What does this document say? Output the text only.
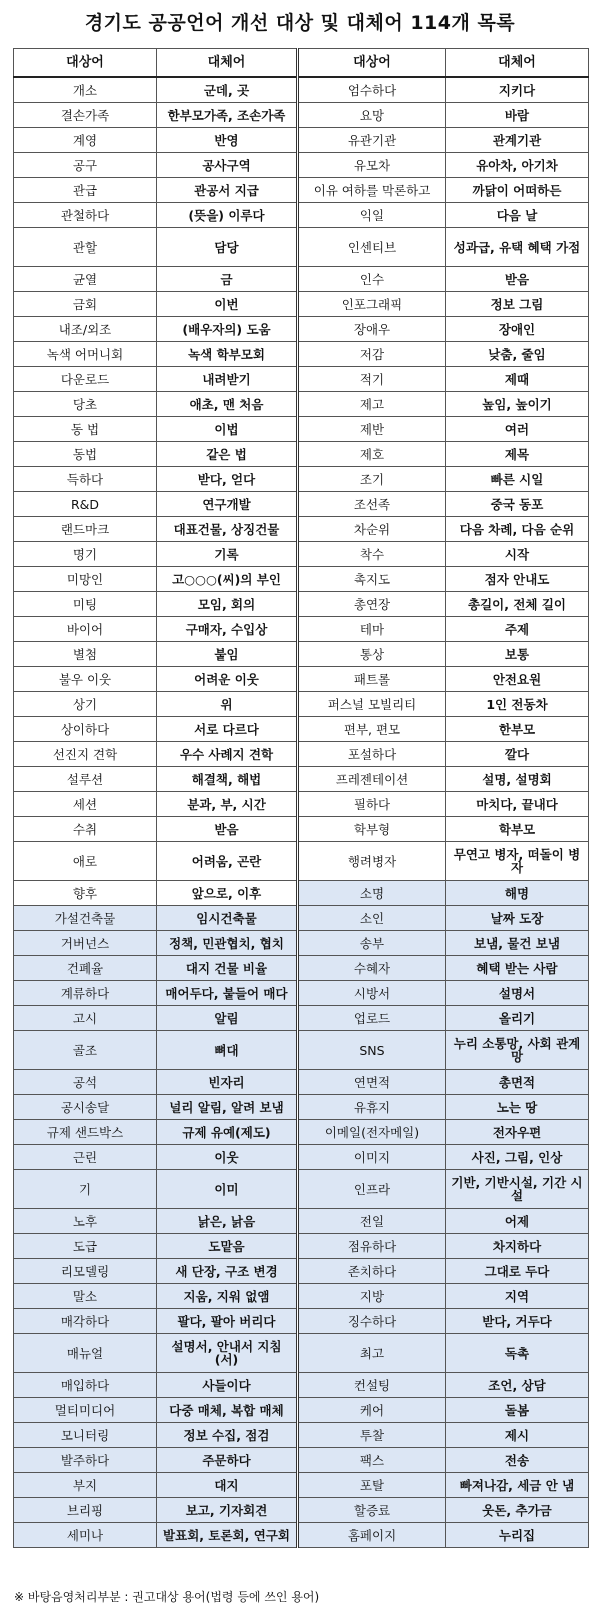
경기도 공공언어 개선 대상 및 대체어 114개 목록
대상어	대체어	대상어	대체어
개소	군데, 곳	엄수하다	지키다
결손가족	한부모가족, 조손가족	요망	바람
계영	반영	유관기관	관계기관
공구	공사구역	유모차	유아차, 아기차
관급	관공서 지급	이유 여하를 막론하고	까닭이 어떠하든
관철하다	(뜻을) 이루다	익일	다음 날
관할	담당	인센티브	성과급, 유택 혜택 가점
균열	금	인수	받음
금회	이번	인포그래픽	정보 그림
내조/외조	(배우자의) 도움	장애우	장애인
녹색 어머니회	녹색 학부모회	저감	낮춤, 줄임
다운로드	내려받기	적기	제때
당초	애초, 맨 처음	제고	높임, 높이기
동 법	이법	제반	여러
동법	같은 법	제호	제목
득하다	받다, 얻다	조기	빠른 시일
R&D	연구개발	조선족	중국 동포
랜드마크	대표건물, 상징건물	차순위	다음 차례, 다음 순위
명기	기록	착수	시작
미망인	고○○○(씨)의 부인	촉지도	점자 안내도
미팅	모임, 회의	총연장	총길이, 전체 길이
바이어	구매자, 수입상	테마	주제
별첨	붙임	통상	보통
불우 이웃	어려운 이웃	패트롤	안전요원
상기	위	퍼스널 모빌리티	1인 전동차
상이하다	서로 다르다	편부, 편모	한부모
선진지 견학	우수 사례지 견학	포설하다	깔다
설루션	해결책, 해법	프레젠테이션	설명, 설명회
세션	분과, 부, 시간	필하다	마치다, 끝내다
수취	받음	학부형	학부모
애로	어려움, 곤란	행려병자	무연고 병자, 떠돌이 병자
향후	앞으로, 이후	소명	해명
가설건축물	임시건축물	소인	날짜 도장
거버넌스	정책, 민관협치, 협치	송부	보냄, 물건 보냄
건폐율	대지 건물 비율	수혜자	혜택 받는 사람
계류하다	매어두다, 붙들어 매다	시방서	설명서
고시	알림	업로드	올리기
골조	뼈대	SNS	누리 소통망, 사회 관계망
공석	빈자리	연면적	총면적
공시송달	널리 알림, 알려 보냄	유휴지	노는 땅
규제 샌드박스	규제 유예(제도)	이메일(전자메일)	전자우편
근린	이웃	이미지	사진, 그림, 인상
기	이미	인프라	기반, 기반시설, 기간 시설
노후	낡은, 낡음	전일	어제
도급	도맡음	점유하다	차지하다
리모델링	새 단장, 구조 변경	존치하다	그대로 두다
말소	지움, 지워 없앰	지방	지역
매각하다	팔다, 팔아 버리다	징수하다	받다, 거두다
매뉴얼	설명서, 안내서 지침(서)	최고	독촉
매입하다	사들이다	컨설팅	조언, 상담
멀티미디어	다중 매체, 복합 매체	케어	돌봄
모니터링	정보 수집, 점검	투찰	제시
발주하다	주문하다	팩스	전송
부지	대지	포탈	빠져나감, 세금 안 냄
브리핑	보고, 기자회견	할증료	웃돈, 추가금
세미나	발표회, 토론회, 연구회	홈페이지	누리집
※ 바탕음영처리부분 : 권고대상 용어(법령 등에 쓰인 용어)
